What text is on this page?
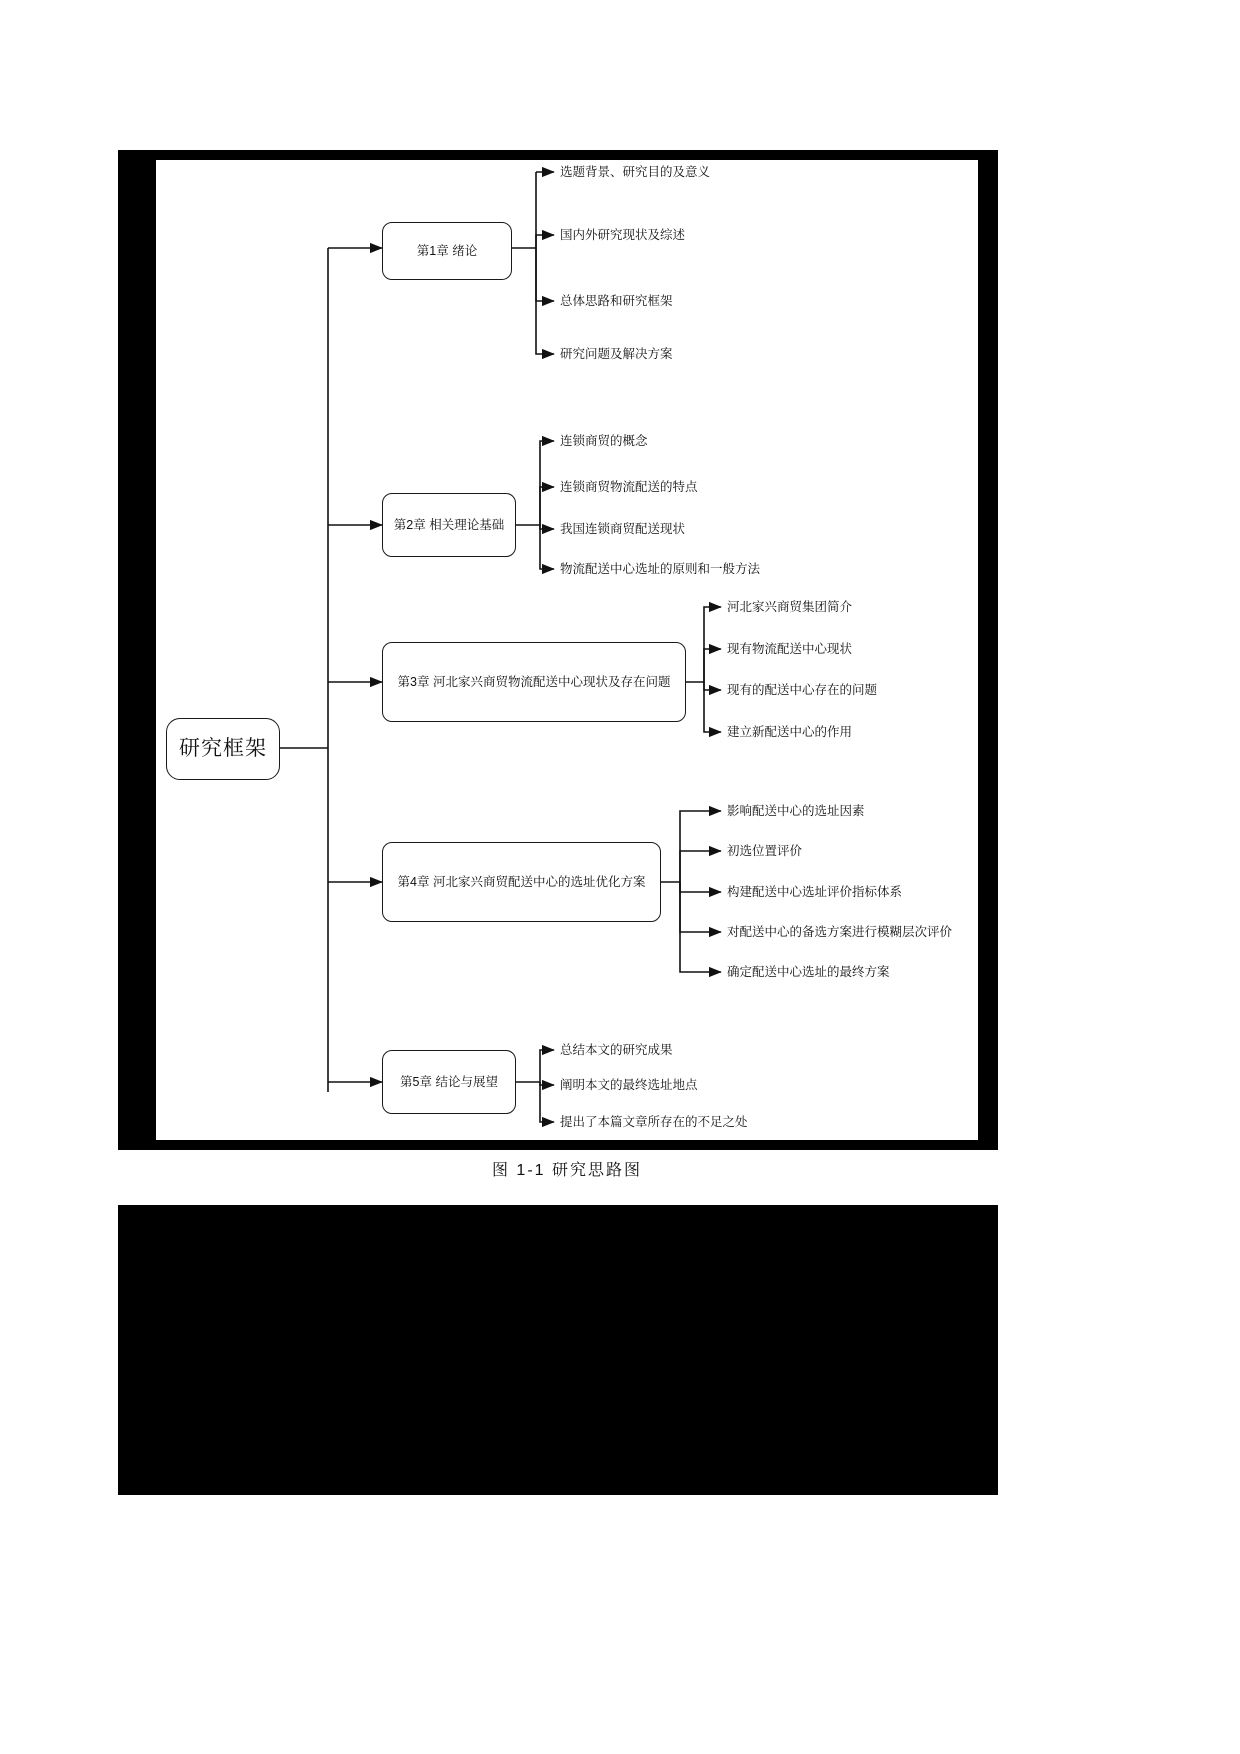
研究框架
第1章 绪论
第2章 相关理论基础
第3章 河北家兴商贸物流配送中心现状及存在问题
第4章 河北家兴商贸配送中心的选址优化方案
第5章 结论与展望
选题背景、研究目的及意义
国内外研究现状及综述
总体思路和研究框架
研究问题及解决方案
连锁商贸的概念
连锁商贸物流配送的特点
我国连锁商贸配送现状
物流配送中心选址的原则和一般方法
河北家兴商贸集团简介
现有物流配送中心现状
现有的配送中心存在的问题
建立新配送中心的作用
影响配送中心的选址因素
初选位置评价
构建配送中心选址评价指标体系
对配送中心的备选方案进行模糊层次评价
确定配送中心选址的最终方案
总结本文的研究成果
阐明本文的最终选址地点
提出了本篇文章所存在的不足之处
图 1-1 研究思路图
